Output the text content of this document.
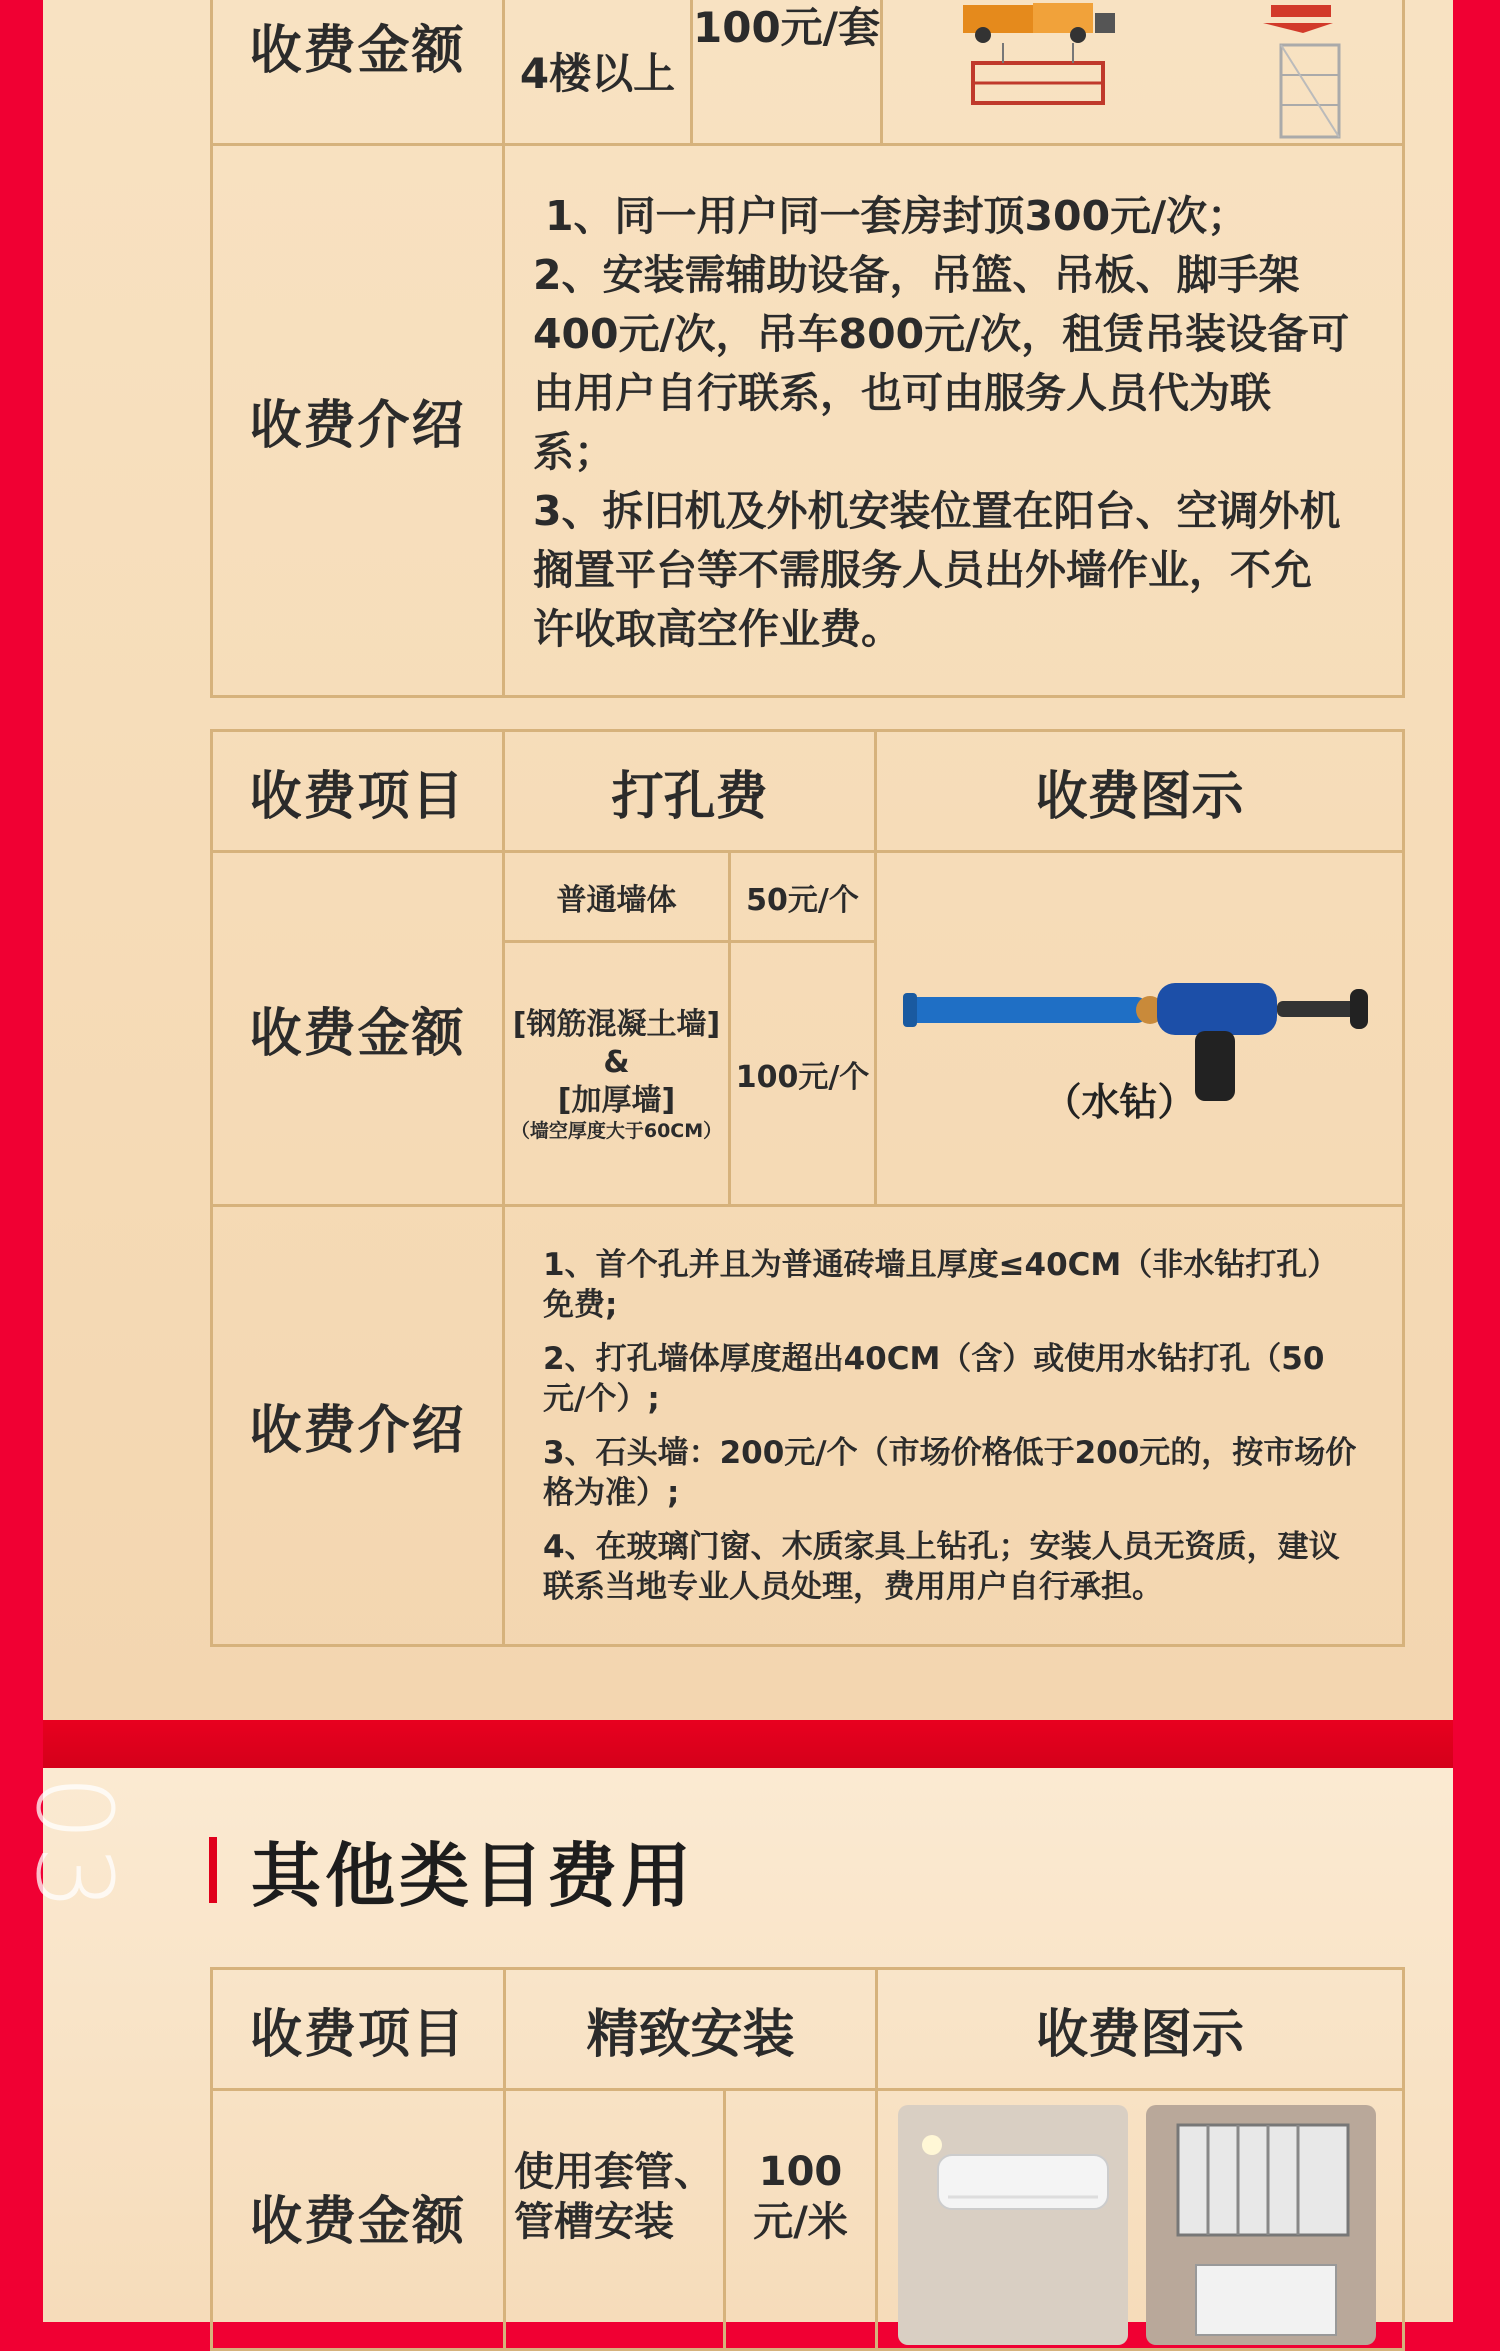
收费金额	4楼以上	100元/套	

收费介绍	1、同一用户同一套房封顶300元/次；

2、安装需辅助设备，吊篮、吊板、脚手架400元/次，吊车800元/次，租赁吊装设备可由用户自行联系，也可由服务人员代为联系；

3、拆旧机及外机安装位置在阳台、空调外机搁置平台等不需服务人员出外墙作业，不允许收取高空作业费。		

收费项目	打孔费		收费图示
收费金额	普通墙体	50元/个	（水钻）

	[钢筋混凝土墙]
&
[加厚墙]
（墙空厚度大于60CM）	100元/个	
收费介绍	1、首个孔并且为普通砖墙且厚度≤40CM（非水钻打孔）免费;

2、打孔墙体厚度超出40CM（含）或使用水钻打孔（50元/个）;

3、石头墙：200元/个（市场价格低于200元的，按市场价格为准）;

4、在玻璃门窗、木质家具上钻孔；安装人员无资质，建议联系当地专业人员处理，费用用户自行承担。		

03 其他类目费用
收费项目	精致安装		收费图示
收费金额	使用套管、管槽安装	100元/米	
